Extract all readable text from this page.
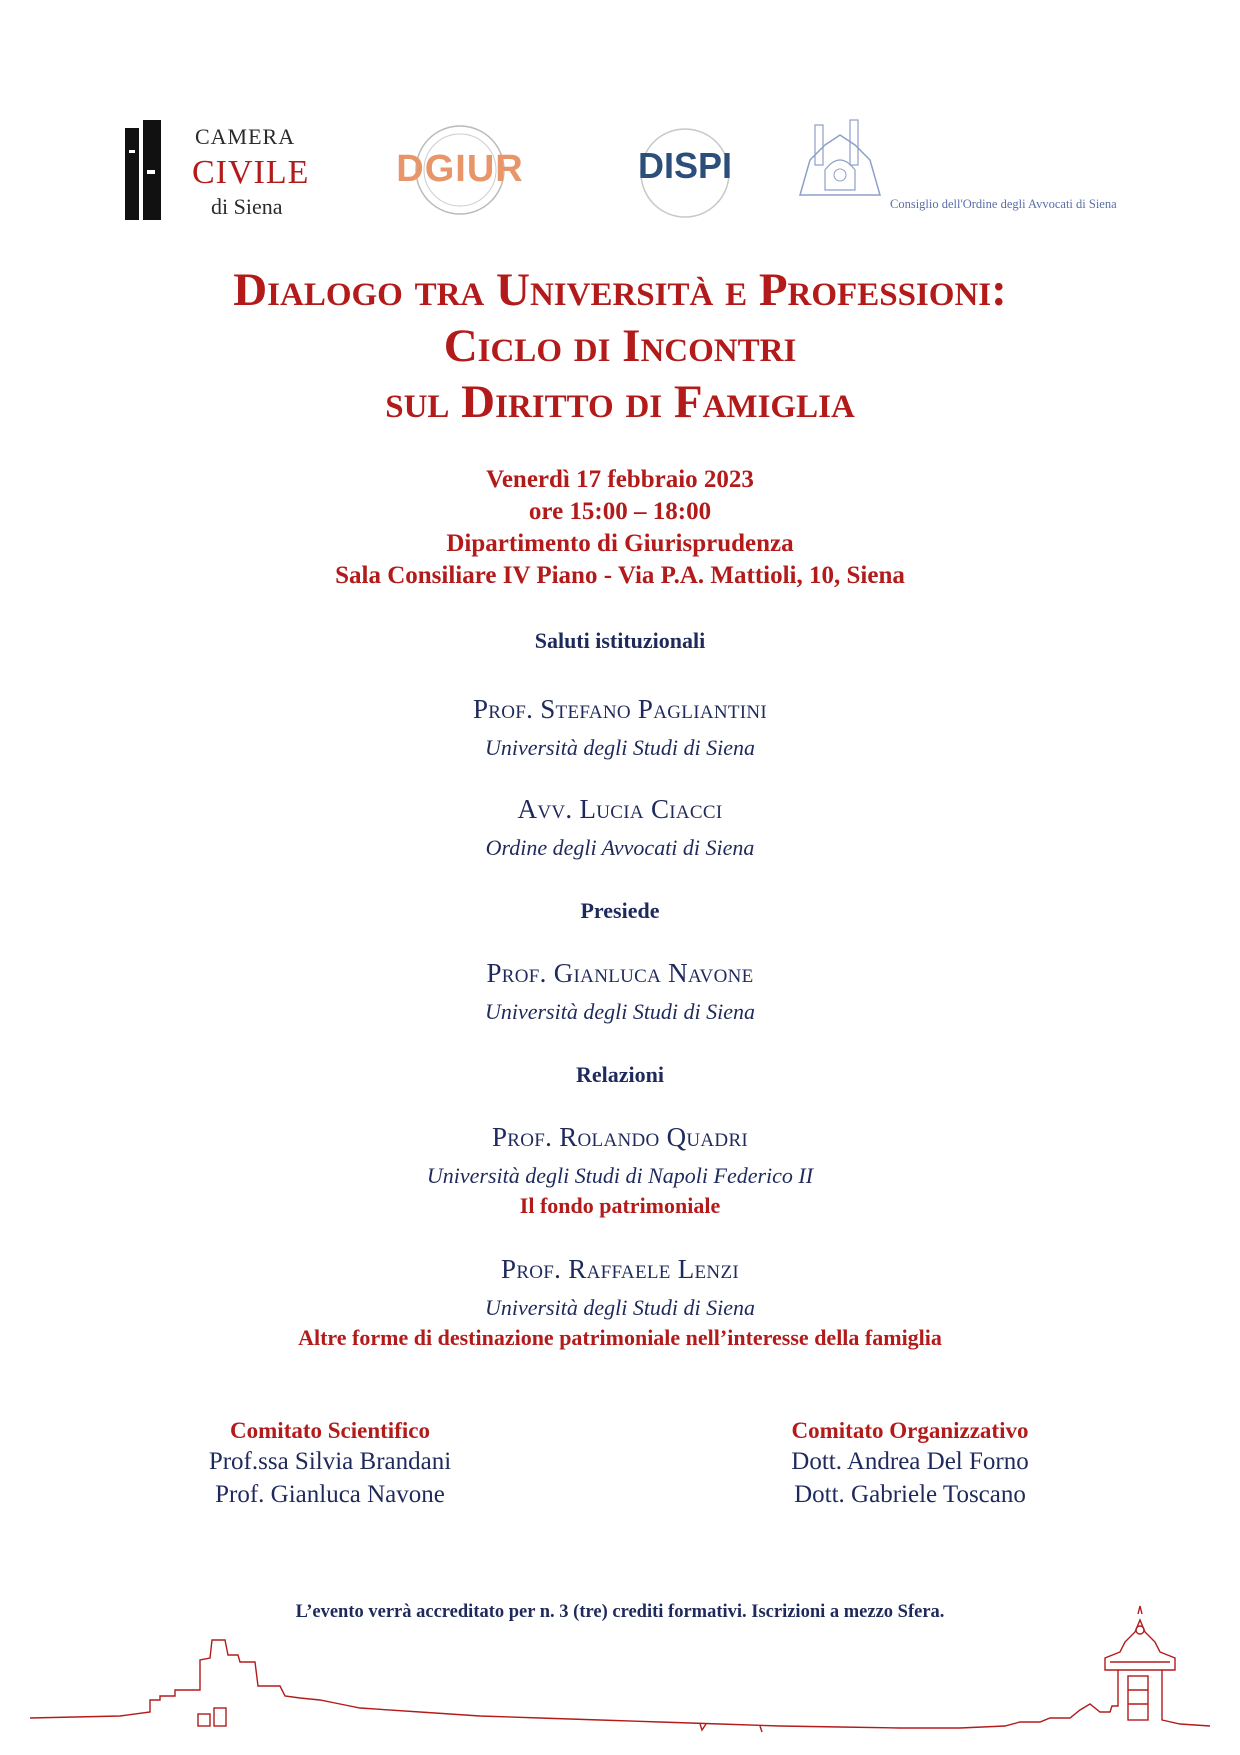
CAMERA
CIVILE
di Siena
DGIUR	DISPI
Consiglio dell'Ordine degli Avvocati di Siena
Dialogo tra Università e Professioni:
Ciclo di Incontri
sul Diritto di Famiglia
Venerdì 17 febbraio 2023
ore 15:00 – 18:00
Dipartimento di Giurisprudenza
Sala Consiliare IV Piano - Via P.A. Mattioli, 10, Siena
Saluti istituzionali
Prof. Stefano Pagliantini
Università degli Studi di Siena
Avv. Lucia Ciacci
Ordine degli Avvocati di Siena
Presiede
Prof. Gianluca Navone
Università degli Studi di Siena
Relazioni
Prof. Rolando Quadri
Università degli Studi di Napoli Federico II
Il fondo patrimoniale
Prof. Raffaele Lenzi
Università degli Studi di Siena
Altre forme di destinazione patrimoniale nell’interesse della famiglia
Comitato Scientifico
Prof.ssa Silvia Brandani
Prof. Gianluca Navone
Comitato Organizzativo
Dott. Andrea Del Forno
Dott. Gabriele Toscano
L’evento verrà accreditato per n. 3 (tre) crediti formativi. Iscrizioni a mezzo Sfera.
